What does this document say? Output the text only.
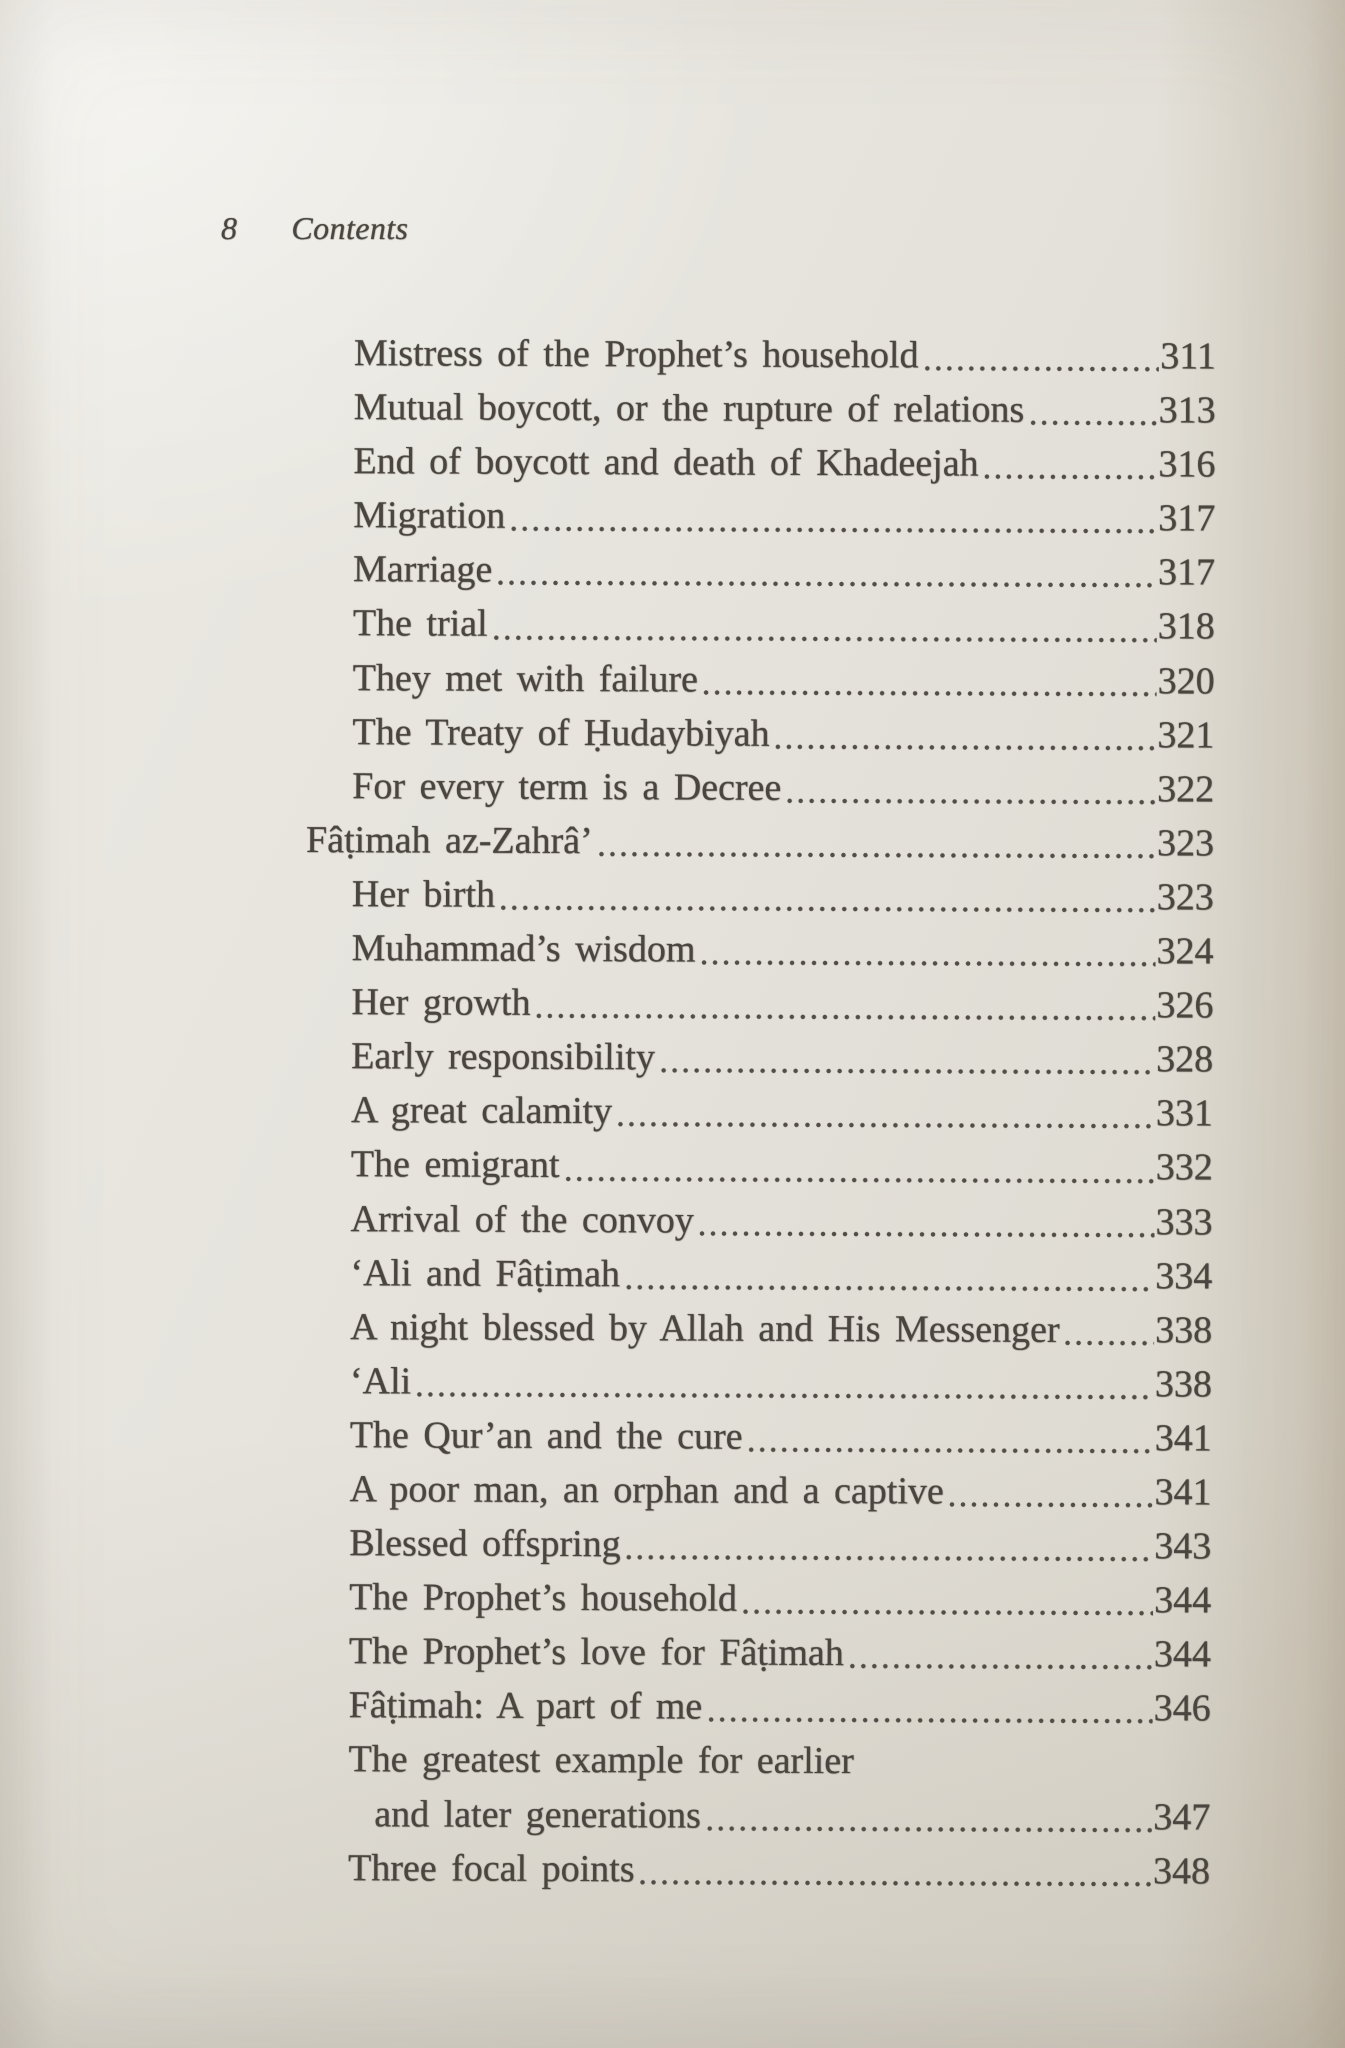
8 Contents
Mistress of the Prophet’s household	311
Mutual boycott, or the rupture of relations	313
End of boycott and death of Khadeejah	316
Migration	317
Marriage	317
The trial	318
They met with failure	320
The Treaty of Ḥudaybiyah	321
For every term is a Decree	322
Fâṭimah az-Zahrâ’	323
Her birth	323
Muhammad’s wisdom	324
Her growth	326
Early responsibility	328
A great calamity	331
The emigrant	332
Arrival of the convoy	333
‘Ali and Fâṭimah	334
A night blessed by Allah and His Messenger	338
‘Ali	338
The Qur’an and the cure	341
A poor man, an orphan and a captive	341
Blessed offspring	343
The Prophet’s household	344
The Prophet’s love for Fâṭimah	344
Fâṭimah: A part of me	346
The greatest example for earlier
and later generations	347
Three focal points	348
